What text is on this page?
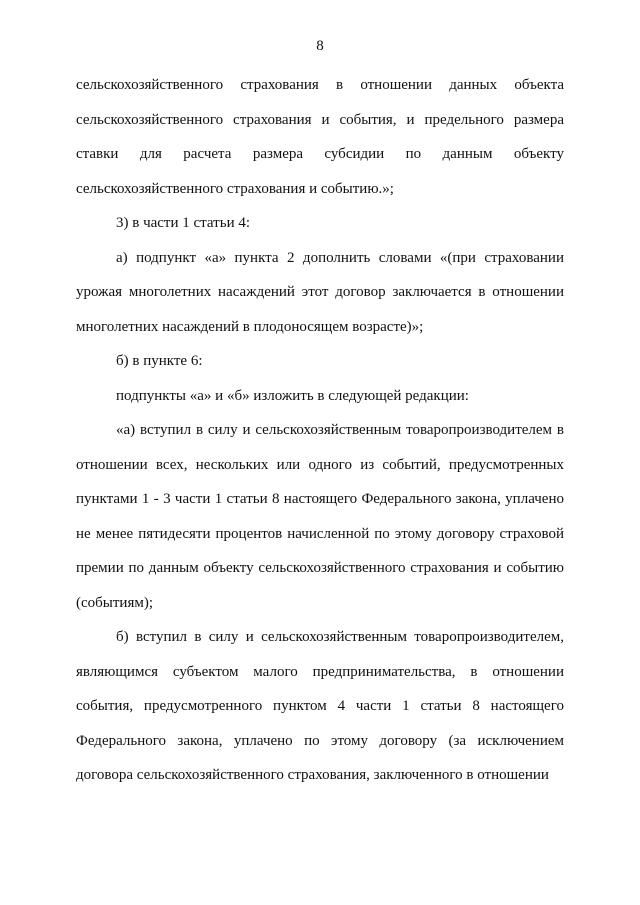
8

сельскохозяйственного страхования в отношении данных объекта сельскохозяйственного страхования и события, и предельного размера ставки для расчета размера субсидии по данным объекту сельскохозяйственного страхования и событию.»;

3) в части 1 статьи 4:

а) подпункт «а» пункта 2 дополнить словами «(при страховании урожая многолетних насаждений этот договор заключается в отношении многолетних насаждений в плодоносящем возрасте)»;

б) в пункте 6:

подпункты «а» и «б» изложить в следующей редакции:

«а) вступил в силу и сельскохозяйственным товаропроизводителем в отношении всех, нескольких или одного из событий, предусмотренных пунктами 1 - 3 части 1 статьи 8 настоящего Федерального закона, уплачено не менее пятидесяти процентов начисленной по этому договору страховой премии по данным объекту сельскохозяйственного страхования и событию (событиям);

б) вступил в силу и сельскохозяйственным товаропроизводителем, являющимся субъектом малого предпринимательства, в отношении события, предусмотренного пунктом 4 части 1 статьи 8 настоящего Федерального закона, уплачено по этому договору (за исключением договора сельскохозяйственного страхования, заключенного в отношении
